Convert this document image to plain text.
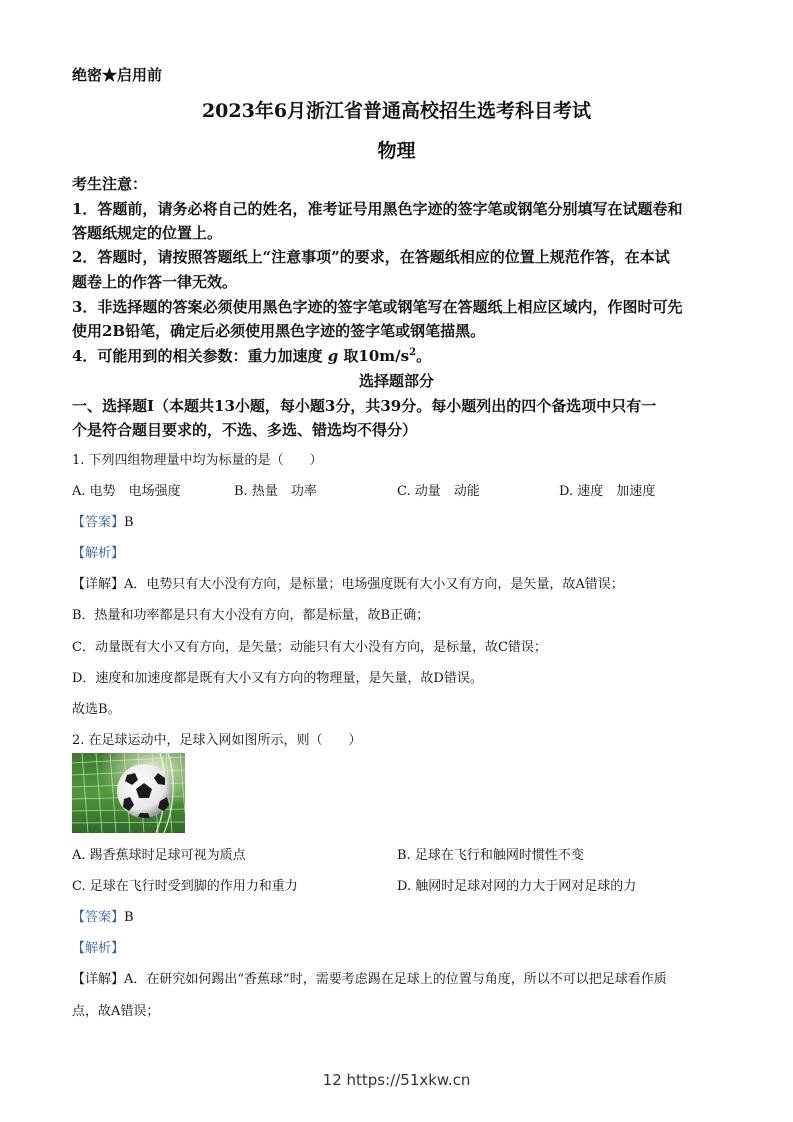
绝密★启用前
2023年6月浙江省普通高校招生选考科目考试
物理
考生注意：
1．答题前，请务必将自己的姓名，准考证号用黑色字迹的签字笔或钢笔分别填写在试题卷和
答题纸规定的位置上。
2．答题时，请按照答题纸上“注意事项”的要求，在答题纸相应的位置上规范作答，在本试
题卷上的作答一律无效。
3．非选择题的答案必须使用黑色字迹的签字笔或钢笔写在答题纸上相应区域内，作图时可先
使用2B铅笔，确定后必须使用黑色字迹的签字笔或钢笔描黑。
4．可能用到的相关参数：重力加速度 g 取$10m/s^2$。
选择题部分
一、选择题Ⅰ（本题共13小题，每小题3分，共39分。每小题列出的四个备选项中只有一
个是符合题目要求的，不选、多选、错选均不得分）
1. 下列四组物理量中均为标量的是（　　）
A. 电势　电场强度	B. 热量　功率	C. 动量　动能	D. 速度　加速度
【答案】B
【解析】
【详解】A．电势只有大小没有方向，是标量；电场强度既有大小又有方向，是矢量，故A错误；
B．热量和功率都是只有大小没有方向，都是标量，故B正确；
C．动量既有大小又有方向，是矢量；动能只有大小没有方向，是标量，故C错误；
D．速度和加速度都是既有大小又有方向的物理量，是矢量，故D错误。
故选B。
2. 在足球运动中，足球入网如图所示，则（　　）
A. 踢香蕉球时足球可视为质点	B. 足球在飞行和触网时惯性不变
C. 足球在飞行时受到脚的作用力和重力	D. 触网时足球对网的力大于网对足球的力
【答案】B
【解析】
【详解】A．在研究如何踢出“香蕉球”时，需要考虑踢在足球上的位置与角度，所以不可以把足球看作质
点，故A错误；
12 https://51xkw.cn
